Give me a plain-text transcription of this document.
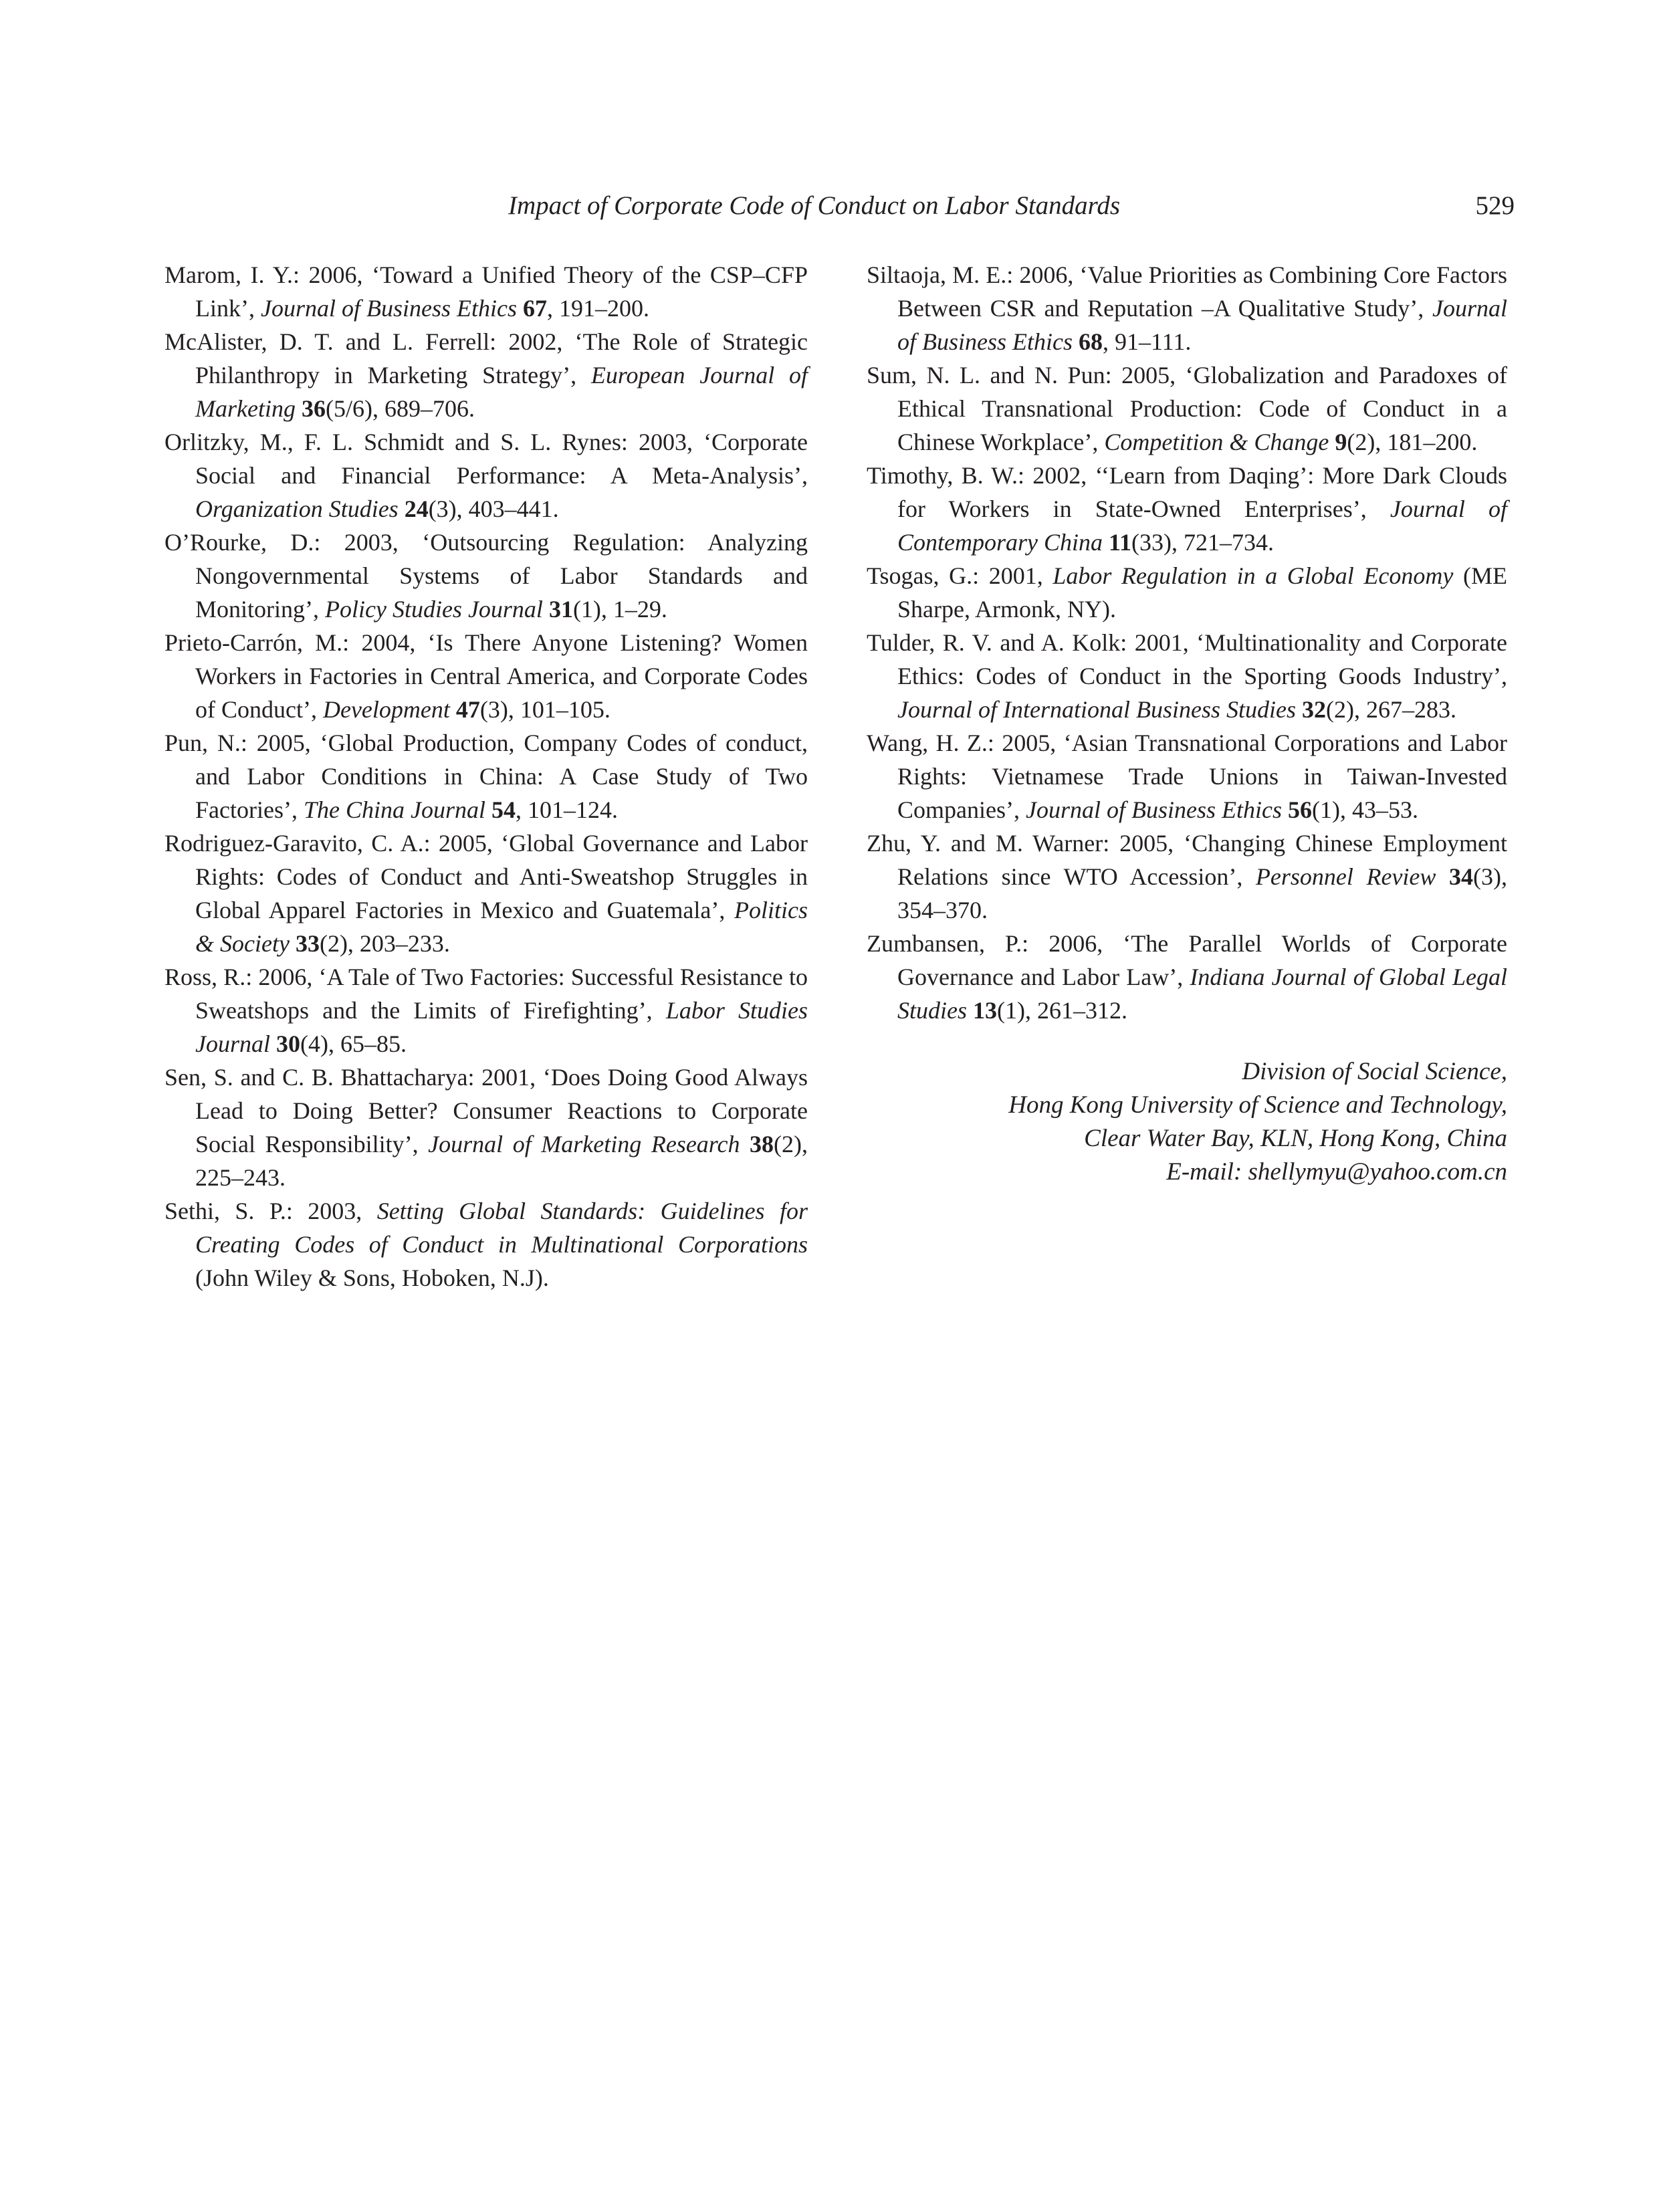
Impact of Corporate Code of Conduct on Labor Standards	529

Marom, I. Y.: 2006, ‘Toward a Unified Theory of the CSP–CFP Link’, Journal of Business Ethics 67, 191–200.

McAlister, D. T. and L. Ferrell: 2002, ‘The Role of Strategic Philanthropy in Marketing Strategy’, European Journal of Marketing 36(5/6), 689–706.

Orlitzky, M., F. L. Schmidt and S. L. Rynes: 2003, ‘Corporate Social and Financial Performance: A Meta-Analysis’, Organization Studies 24(3), 403–441.

O’Rourke, D.: 2003, ‘Outsourcing Regulation: Analyzing Nongovernmental Systems of Labor Standards and Monitoring’, Policy Studies Journal 31(1), 1–29.

Prieto-Carrón, M.: 2004, ‘Is There Anyone Listening? Women Workers in Factories in Central America, and Corporate Codes of Conduct’, Development 47(3), 101–105.

Pun, N.: 2005, ‘Global Production, Company Codes of conduct, and Labor Conditions in China: A Case Study of Two Factories’, The China Journal 54, 101–124.

Rodriguez-Garavito, C. A.: 2005, ‘Global Governance and Labor Rights: Codes of Conduct and Anti-Sweatshop Struggles in Global Apparel Factories in Mexico and Guatemala’, Politics & Society 33(2), 203–233.

Ross, R.: 2006, ‘A Tale of Two Factories: Successful Resistance to Sweatshops and the Limits of Firefighting’, Labor Studies Journal 30(4), 65–85.

Sen, S. and C. B. Bhattacharya: 2001, ‘Does Doing Good Always Lead to Doing Better? Consumer Reactions to Corporate Social Responsibility’, Journal of Marketing Research 38(2), 225–243.

Sethi, S. P.: 2003, Setting Global Standards: Guidelines for Creating Codes of Conduct in Multinational Corporations (John Wiley & Sons, Hoboken, N.J).

Siltaoja, M. E.: 2006, ‘Value Priorities as Combining Core Factors Between CSR and Reputation –A Qualitative Study’, Journal of Business Ethics 68, 91–111.

Sum, N. L. and N. Pun: 2005, ‘Globalization and Paradoxes of Ethical Transnational Production: Code of Conduct in a Chinese Workplace’, Competition & Change 9(2), 181–200.

Timothy, B. W.: 2002, ‘‘Learn from Daqing’: More Dark Clouds for Workers in State-Owned Enterprises’, Journal of Contemporary China 11(33), 721–734.

Tsogas, G.: 2001, Labor Regulation in a Global Economy (ME Sharpe, Armonk, NY).

Tulder, R. V. and A. Kolk: 2001, ‘Multinationality and Corporate Ethics: Codes of Conduct in the Sporting Goods Industry’, Journal of International Business Studies 32(2), 267–283.

Wang, H. Z.: 2005, ‘Asian Transnational Corporations and Labor Rights: Vietnamese Trade Unions in Taiwan-Invested Companies’, Journal of Business Ethics 56(1), 43–53.

Zhu, Y. and M. Warner: 2005, ‘Changing Chinese Employment Relations since WTO Accession’, Personnel Review 34(3), 354–370.

Zumbansen, P.: 2006, ‘The Parallel Worlds of Corporate Governance and Labor Law’, Indiana Journal of Global Legal Studies 13(1), 261–312.

Division of Social Science,
Hong Kong University of Science and Technology,
Clear Water Bay, KLN, Hong Kong, China
E-mail: shellymyu@yahoo.com.cn
